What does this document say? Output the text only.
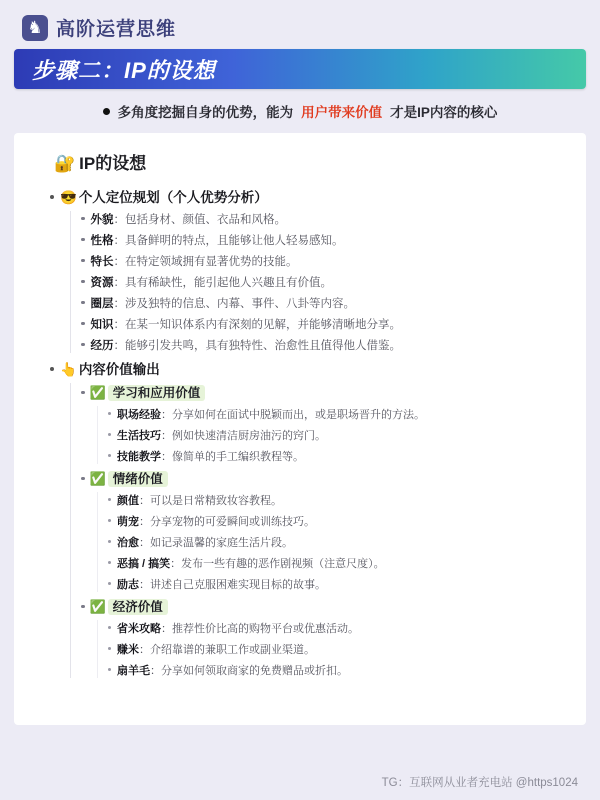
♞ 高阶运营思维
步骤二：IP的设想
多角度挖掘自身的优势，能为 用户带来价值 才是IP内容的核心
🔐 IP的设想
😎 个人定位规划（个人优势分析）
外貌：包括身材、颜值、衣品和风格。
性格：具备鲜明的特点，且能够让他人轻易感知。
特长：在特定领域拥有显著优势的技能。
资源：具有稀缺性，能引起他人兴趣且有价值。
圈层：涉及独特的信息、内幕、事件、八卦等内容。
知识：在某一知识体系内有深刻的见解，并能够清晰地分享。
经历：能够引发共鸣，具有独特性、治愈性且值得他人借鉴。
👆 内容价值输出
✅ 学习和应用价值
职场经验：分享如何在面试中脱颖而出，或是职场晋升的方法。
生活技巧：例如快速清洁厨房油污的窍门。
技能教学：像简单的手工编织教程等。
✅ 情绪价值
颜值：可以是日常精致妆容教程。
萌宠：分享宠物的可爱瞬间或训练技巧。
治愈：如记录温馨的家庭生活片段。
恶搞 / 搞笑：发布一些有趣的恶作剧视频（注意尺度）。
励志：讲述自己克服困难实现目标的故事。
✅ 经济价值
省米攻略：推荐性价比高的购物平台或优惠活动。
赚米：介绍靠谱的兼职工作或副业渠道。
扇羊毛：分享如何领取商家的免费赠品或折扣。
TG：互联网从业者充电站 @https1024
